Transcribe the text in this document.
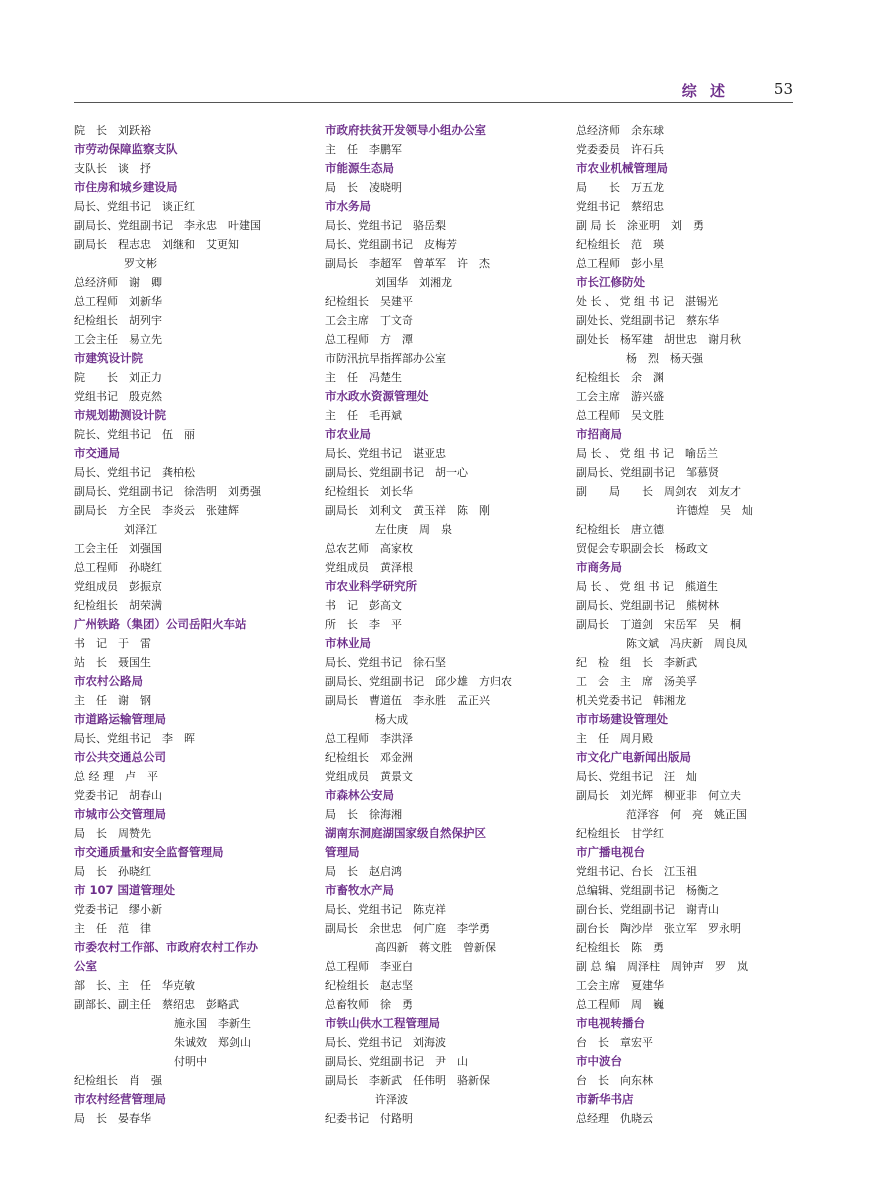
综 述	53
院　长　刘跃裕
市劳动保障监察支队
支队长　谈　抒
市住房和城乡建设局
局长、党组书记　谈正红
副局长、党组副书记　李永忠　叶建国
副局长　程志忠　刘继和　艾更知
罗文彬
总经济师　谢　卿
总工程师　刘新华
纪检组长　胡列宇
工会主任　易立先
市建筑设计院
院　　长　刘正力
党组书记　殷克然
市规划勘测设计院
院长、党组书记　伍　丽
市交通局
局长、党组书记　龚柏松
副局长、党组副书记　徐浩明　刘勇强
副局长　方全民　李炎云　张建辉
刘泽江
工会主任　刘强国
总工程师　孙晓红
党组成员　彭振京
纪检组长　胡荣满
广州铁路（集团）公司岳阳火车站
书　记　于　雷
站　长　聂国生
市农村公路局
主　任　谢　钢
市道路运输管理局
局长、党组书记　李　晖
市公共交通总公司
总 经 理　卢　平
党委书记　胡春山
市城市公交管理局
局　长　周赞先
市交通质量和安全监督管理局
局　长　孙晓红
市 107 国道管理处
党委书记　缪小新
主　任　范　律
市委农村工作部、市政府农村工作办
公室
部　长、主　任　华克敏
副部长、副主任　蔡绍忠　彭略武
施永国　李新生
朱诚效　郑剑山
付明中
纪检组长　肖　强
市农村经营管理局
局　长　晏春华
市政府扶贫开发领导小组办公室
主　任　李鹏军
市能源生态局
局　长　凌晓明
市水务局
局长、党组书记　骆岳梨
局长、党组副书记　皮梅芳
副局长　李超军　曾革军　许　杰
刘国华　刘湘龙
纪检组长　吴建平
工会主席　丁文奇
总工程师　方　潭
市防汛抗旱指挥部办公室
主　任　冯楚生
市水政水资源管理处
主　任　毛再斌
市农业局
局长、党组书记　谌亚忠
副局长、党组副书记　胡一心
纪检组长　刘长华
副局长　刘利文　黄玉祥　陈　刚
左仕庚　周　泉
总农艺师　高家枚
党组成员　黄泽根
市农业科学研究所
书　记　彭高文
所　长　李　平
市林业局
局长、党组书记　徐石坚
副局长、党组副书记　邱少雄　方归农
副局长　曹道伍　李永胜　孟正兴
杨大成
总工程师　李洪泽
纪检组长　邓金洲
党组成员　黄景文
市森林公安局
局　长　徐海湘
湖南东洞庭湖国家级自然保护区
管理局
局　长　赵启鸿
市畜牧水产局
局长、党组书记　陈克祥
副局长　余世忠　何广庭　李学勇
高四新　蒋文胜　曾新保
总工程师　李亚白
纪检组长　赵志坚
总畜牧师　徐　勇
市铁山供水工程管理局
局长、党组书记　刘海波
副局长、党组副书记　尹　山
副局长　李新武　任伟明　骆新保
许泽波
纪委书记　付路明
总经济师　余东球
党委委员　许石兵
市农业机械管理局
局　　长　万五龙
党组书记　蔡绍忠
副 局 长　涂亚明　刘　勇
纪检组长　范　瑛
总工程师　彭小星
市长江修防处
处 长 、 党 组 书 记　湛锡光
副处长、党组副书记　蔡东华
副处长　杨军建　胡世忠　谢月秋
杨　烈　杨天强
纪检组长　余　渊
工会主席　游兴盛
总工程师　吴文胜
市招商局
局 长 、 党 组 书 记　喻岳兰
副局长、党组副书记　邹慕贤
副　　局　　长　周剑农　刘友才
许德煌　吴　灿
纪检组长　唐立德
贸促会专职副会长　杨政文
市商务局
局 长 、 党 组 书 记　熊道生
副局长、党组副书记　熊树林
副局长　丁道剑　宋岳军　吴　桐
陈文斌　冯庆新　周良凤
纪　检　组　长　李新武
工　会　主　席　汤美孚
机关党委书记　韩湘龙
市市场建设管理处
主　任　周月殿
市文化广电新闻出版局
局长、党组书记　汪　灿
副局长　刘光辉　柳亚非　何立夫
范泽容　何　亮　姚正国
纪检组长　甘学红
市广播电视台
党组书记、台长　江玉祖
总编辑、党组副书记　杨衡之
副台长、党组副书记　谢青山
副台长　陶沙岸　张立军　罗永明
纪检组长　陈　勇
副 总 编　周泽柱　周钟声　罗　岚
工会主席　夏建华
总工程师　周　巍
市电视转播台
台　长　章宏平
市中波台
台　长　向东林
市新华书店
总经理　仇晓云
